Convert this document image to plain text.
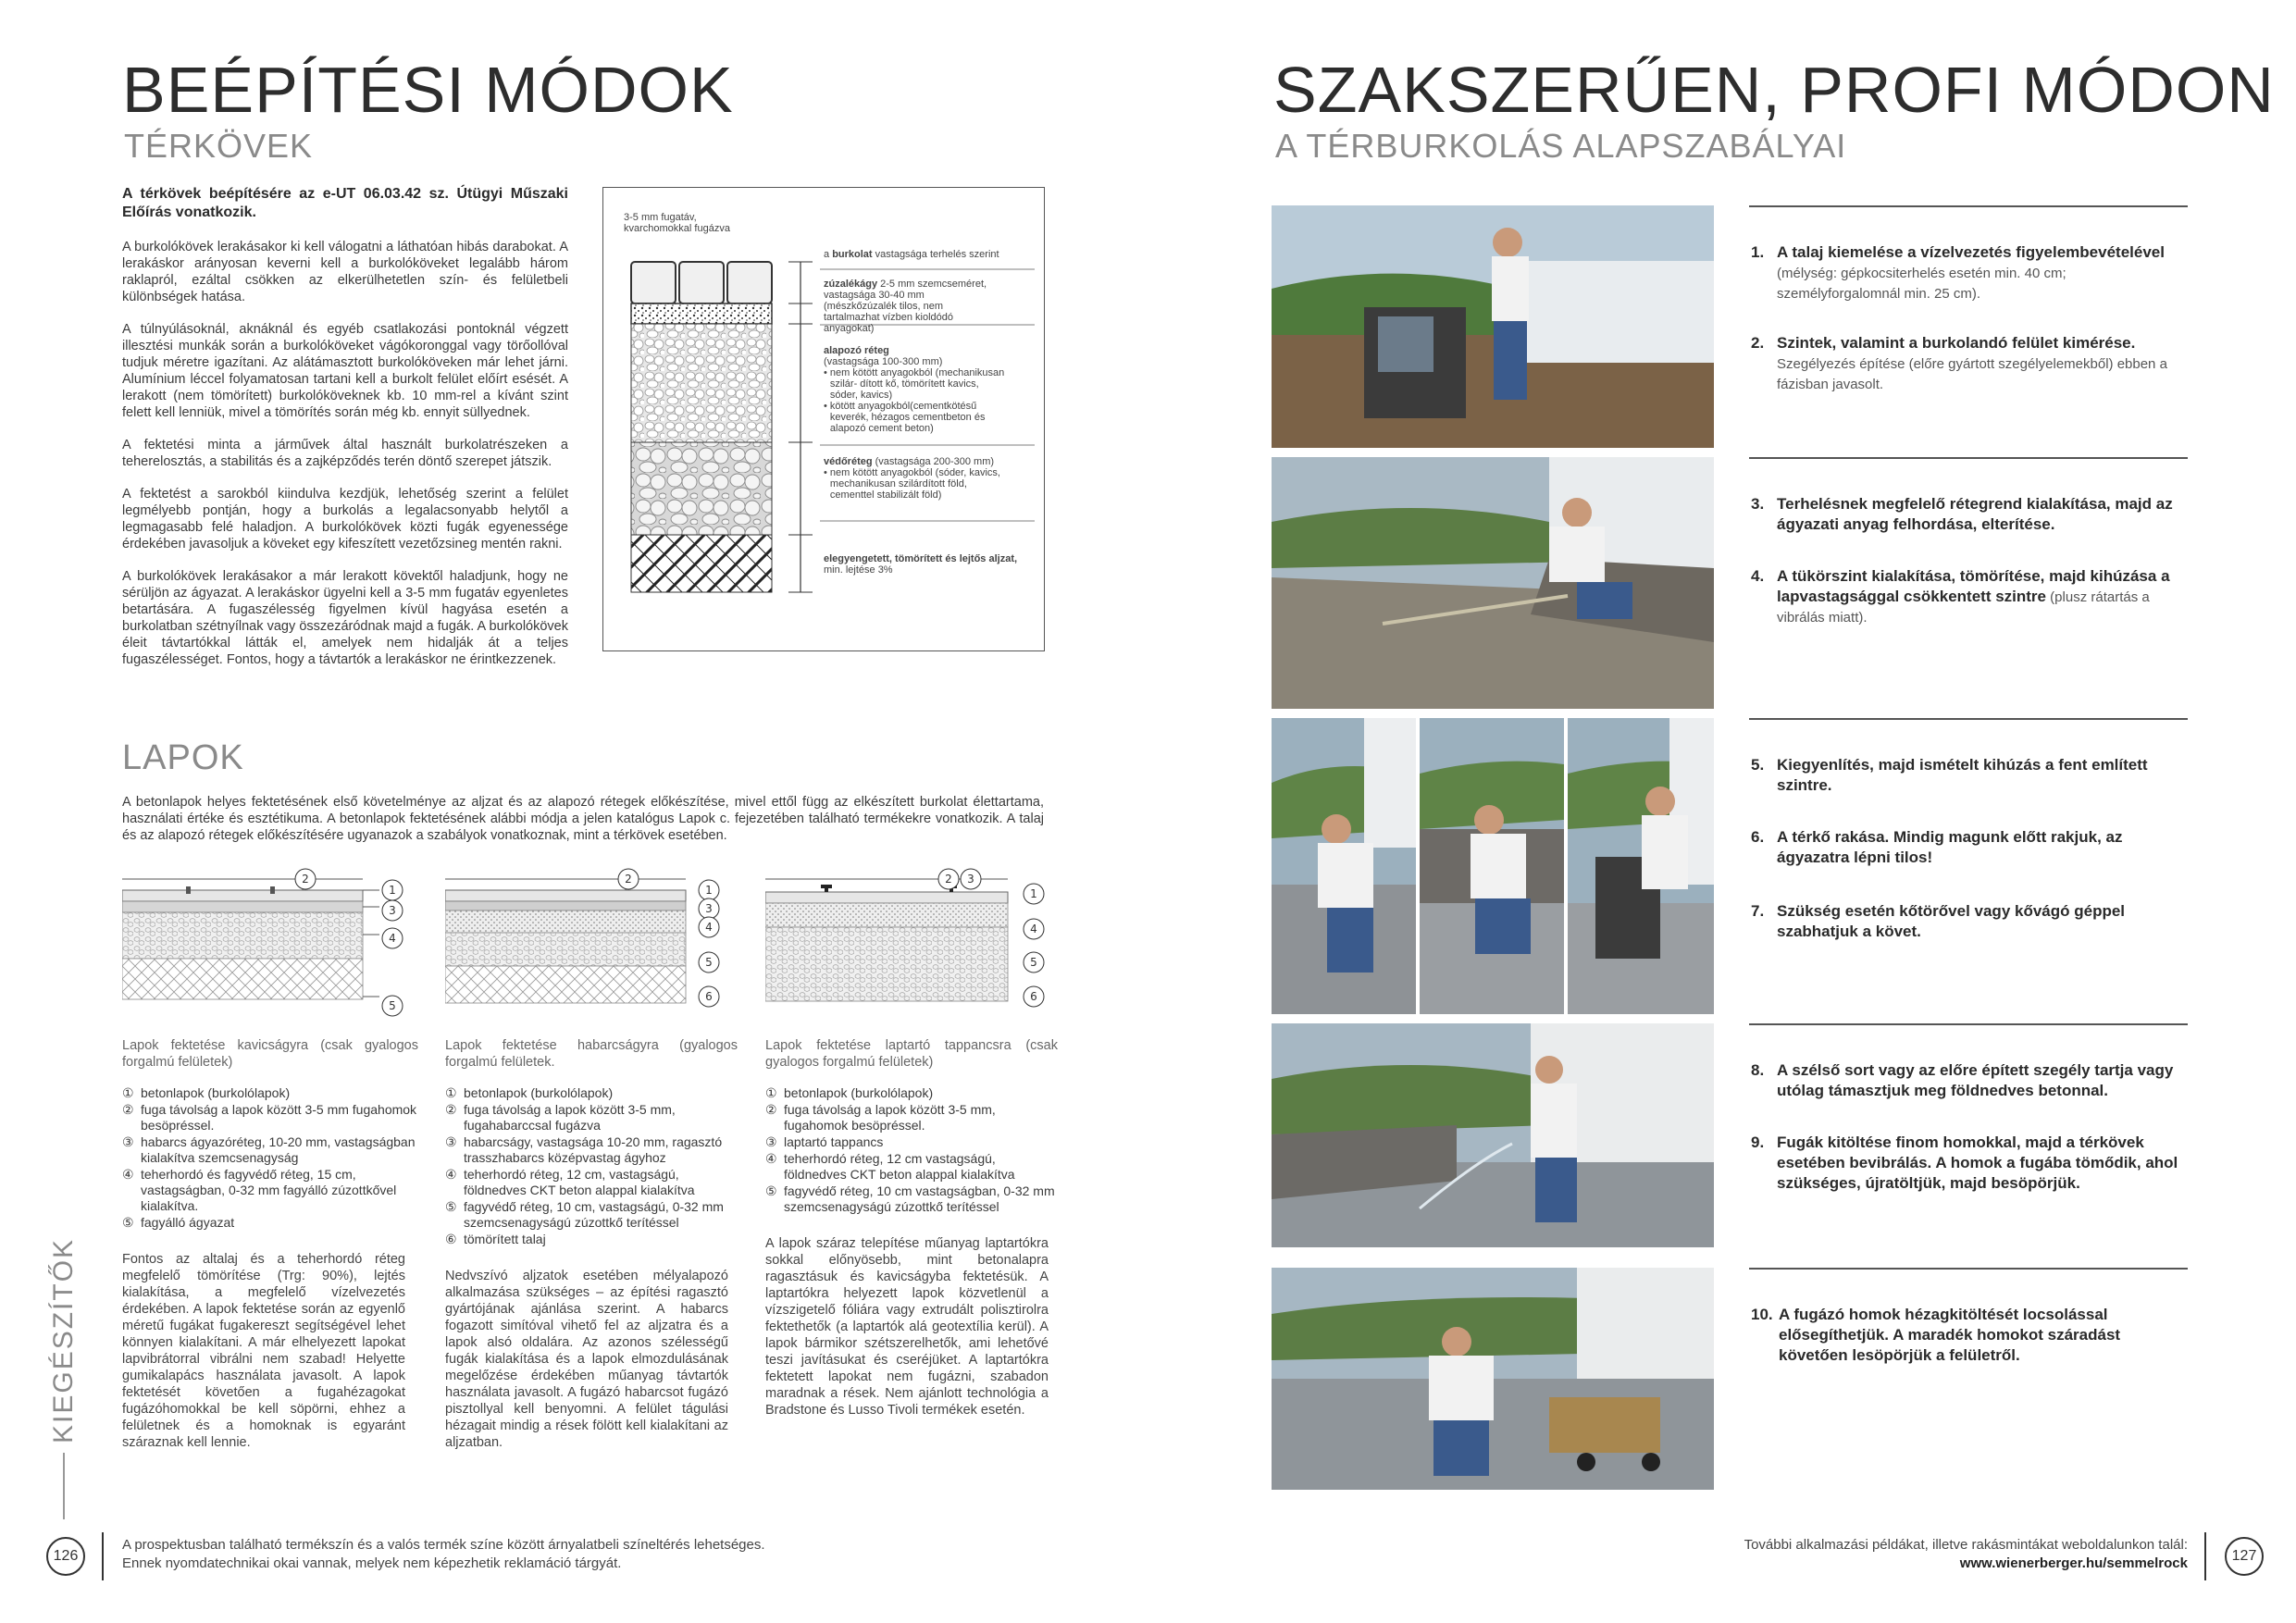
BEÉPÍTÉSI MÓDOK
TÉRKÖVEK
A térkövek beépítésére az e-UT 06.03.42 sz. Útügyi Műszaki Előírás vonatkozik.

A burkolókövek lerakásakor ki kell válogatni a láthatóan hibás darabokat. A lerakáskor arányosan keverni kell a burkolóköveket legalább három raklapról, ezáltal csökken az elkerülhetetlen szín- és felületbeli különbségek hatása.

A túlnyúlásoknál, aknáknál és egyéb csatlakozási pontoknál végzett illesztési munkák során a burkolóköveket vágókoronggal vagy törőollóval tudjuk méretre igazítani. Az alátámasztott burkolóköveken már lehet járni. Alumínium léccel folyamatosan tartani kell a burkolt felület előírt esését. A lerakott (nem tömörített) burkolóköveknek kb. 10 mm-rel a kívánt szint felett kell lenniük, mivel a tömörítés során még kb. ennyit süllyednek.

A fektetési minta a járművek által használt burkolatrészeken a teherelosztás, a stabilitás és a zajképződés terén döntő szerepet játszik.

A fektetést a sarokból kiindulva kezdjük, lehetőség szerint a felület legmélyebb pontján, hogy a burkolás a legalacsonyabb helytől a legmagasabb felé haladjon. A burkolókövek közti fugák egyenessége érdekében javasoljuk a köveket egy kifeszített vezetőzsineg mentén rakni.

A burkolókövek lerakásakor a már lerakott kövektől haladjunk, hogy ne sérüljön az ágyazat. A lerakáskor ügyelni kell a 3-5 mm fugatáv egyenletes betartására. A fugaszélesség figyelmen kívül hagyása esetén a burkolatban szétnyílnak vagy összezáródnak majd a fugák. A burkolókövek éleit távtartókkal látták el, amelyek nem hidalják át a teljes fugaszélességet. Fontos, hogy a távtartók a lerakáskor ne érintkezzenek.

3-5 mm fugatáv,
kvarchomokkal fugázva
a burkolat vastagsága terhelés szerint
zúzalékágy 2-5 mm szemcseméret, vastagsága 30-40 mm (mészkőzúzalék tilos, nem tartalmazhat vízben kioldódó anyagokat)
alapozó réteg
(vastagsága 100-300 mm)
• nem kötött anyagokból (mechanikusan szilár- dított kő, tömörített kavics, sóder, kavics)
• kötött anyagokból(cementkötésű keverék, hézagos cementbeton és alapozó cement beton)
védőréteg (vastagsága 200-300 mm)
• nem kötött anyagokból (sóder, kavics, mechanikusan szilárdított föld, cementtel stabilizált föld)
elegyengetett, tömörített és lejtős aljzat, min. lejtése 3%
LAPOK
A betonlapok helyes fektetésének első követelménye az aljzat és az alapozó rétegek előkészítése, mivel ettől függ az elkészített burkolat élettartama, használati értéke és esztétikuma. A betonlapok fektetésének alábbi módja a jelen katalógus Lapok c. fejezetében található termékekre vonatkozik. A talaj és az alapozó rétegek előkészítésére ugyanazok a szabályok vonatkoznak, mint a térkövek esetében.
2
1
3
4
5
Lapok fektetése kavicságyra (csak gyalogos forgalmú felületek)
① betonlapok (burkolólapok)
② fuga távolság a lapok között 3-5 mm fugahomok besöpréssel.
③ habarcs ágyazóréteg, 10-20 mm, vastagságban kialakítva szemcsenagyság
④ teherhordó és fagyvédő réteg, 15 cm, vastagságban, 0-32 mm fagyálló zúzottkővel kialakítva.
⑤ fagyálló ágyazat
Fontos az altalaj és a teherhordó réteg megfelelő tömörítése (Trg: 90%), lejtés kialakítása, a megfelelő vízelvezetés érdekében. A lapok fektetése során az egyenlő méretű fugákat fugakereszt segítségével lehet könnyen kialakítani. A már elhelyezett lapokat lapvibrátorral vibrálni nem szabad! Helyette gumikalapács használata javasolt. A lapok fektetését követően a fugahézagokat fugázóhomokkal be kell söpörni, ehhez a felületnek és a homoknak is egyaránt száraznak kell lennie.
2
1
3
4
5
6
Lapok fektetése habarcságyra (gyalogos forgalmú felületek.
① betonlapok (burkolólapok)
② fuga távolság a lapok között 3-5 mm, fugahabarccsal fugázva
③ habarcságy, vastagsága 10-20 mm, ragasztó trasszhabarcs középvastag ágyhoz
④ teherhordó réteg, 12 cm, vastagságú, földnedves CKT beton alappal kialakítva
⑤ fagyvédő réteg, 10 cm, vastagságú, 0-32 mm szemcsenagyságú zúzottkő terítéssel
⑥ tömörített talaj
Nedvszívó aljzatok esetében mélyalapozó alkalmazása szükséges – az építési ragasztó gyártójának ajánlása szerint. A habarcs fogazott simítóval vihető fel az aljzatra és a lapok alsó oldalára. Az azonos szélességű fugák kialakítása és a lapok elmozdulásának megelőzése érdekében műanyag távtartók használata javasolt. A fugázó habarcsot fugázó pisztollyal kell benyomni. A felület tágulási hézagait mindig a rések fölött kell kialakítani az aljzatban.
2 3
1
4
5
6
Lapok fektetése laptartó tappancsra (csak gyalogos forgalmú felületek)
① betonlapok (burkolólapok)
② fuga távolság a lapok között 3-5 mm, fugahomok besöpréssel.
③ laptartó tappancs
④ teherhordó réteg, 12 cm vastagságú, földnedves CKT beton alappal kialakítva
⑤ fagyvédő réteg, 10 cm vastagságban, 0-32 mm szemcsenagyságú zúzottkő terítéssel
A lapok száraz telepítése műanyag laptartókra sokkal előnyösebb, mint betonalapra ragasztásuk és kavicságyba fektetésük. A laptartókra helyezett lapok közvetlenül a vízszigetelő fóliára vagy extrudált polisztirolra fektethetők (a laptartók alá geotextília kerül). A lapok bármikor szétszerelhetők, ami lehetővé teszi javításukat és cseréjüket. A laptartókra fektetett lapokat nem fugázni, szabadon maradnak a rések. Nem ajánlott technológia a Bradstone és Lusso Tivoli termékek esetén.
KIEGÉSZÍTŐK
126
A prospektusban található termékszín és a valós termék színe között árnyalatbeli színeltérés lehetséges.
Ennek nyomdatechnikai okai vannak, melyek nem képezhetik reklamáció tárgyát.
SZAKSZERŰEN, PROFI MÓDON
A TÉRBURKOLÁS ALAPSZABÁLYAI
1. A talaj kiemelése a vízelvezetés figyelembevételével (mélység: gépkocsiterhelés esetén min. 40 cm; személyforgalomnál min. 25 cm).
2. Szintek, valamint a burkolandó felület kimérése. Szegélyezés építése (előre gyártott szegélyelemekből) ebben a fázisban javasolt.
3. Terhelésnek megfelelő rétegrend kialakítása, majd az ágyazati anyag felhordása, elterítése.
4. A tükörszint kialakítása, tömörítése, majd kihúzása a lapvastagsággal csökkentett szintre (plusz rátartás a vibrálás miatt).
5. Kiegyenlítés, majd ismételt kihúzás a fent említett szintre.
6. A térkő rakása. Mindig magunk előtt rakjuk, az ágyazatra lépni tilos!
7. Szükség esetén kőtörővel vagy kővágó géppel szabhatjuk a követ.
8. A szélső sort vagy az előre épített szegély tartja vagy utólag támasztjuk meg földnedves betonnal.
9. Fugák kitöltése finom homokkal, majd a térkövek esetében bevibrálás. A homok a fugába tömődik, ahol szükséges, újratöltjük, majd besöpörjük.
10. A fugázó homok hézagkitöltését locsolással elősegíthetjük. A maradék homokot száradást követően lesöpörjük a felületről.
További alkalmazási példákat, illetve rakásmintákat weboldalunkon talál:
www.wienerberger.hu/semmelrock	127
